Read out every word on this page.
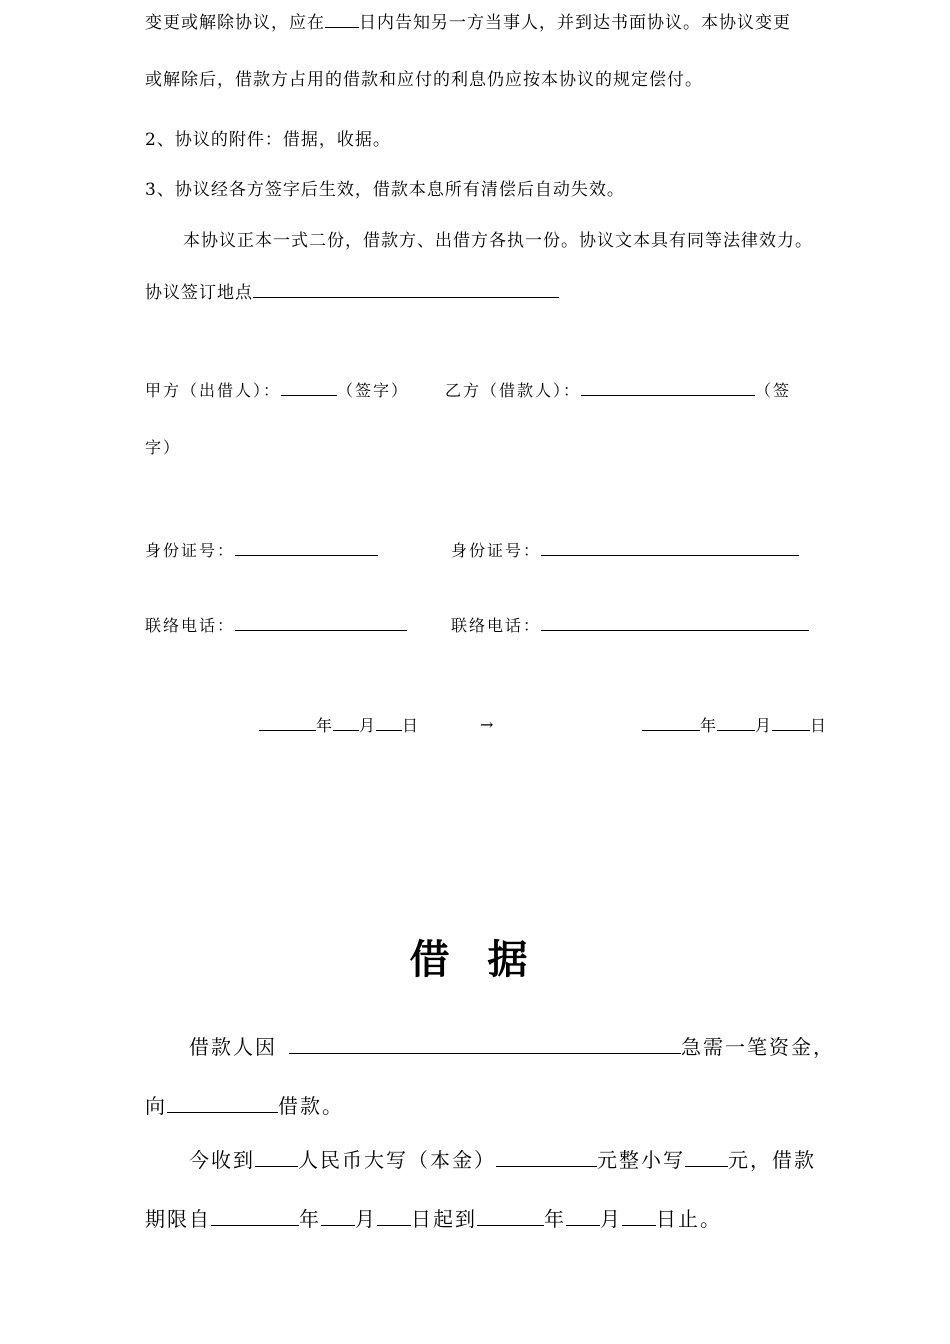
变更或解除协议，应在 日内告知另一方当事人，并到达书面协议。本协议变更
或解除后，借款方占用的借款和应付的利息仍应按本协议的规定偿付。
2、协议的附件：借据，收据。
3、协议经各方签字后生效，借款本息所有清偿后自动失效。
本协议正本一式二份，借款方、出借方各执一份。协议文本具有同等法律效力。
协议签订地点
甲方（出借人）：	（签字） 乙方（借款人）：	（签
字）
身份证号：	身份证号：
联络电话：	联络电话：
年 月 日	→	年 月 日
借据
借款人因	急需一笔资金，
向	借款。
今收到 人民币大写（本金）	元整小写 元，借款
期限自	年 月 日起到	年 月 日止。
